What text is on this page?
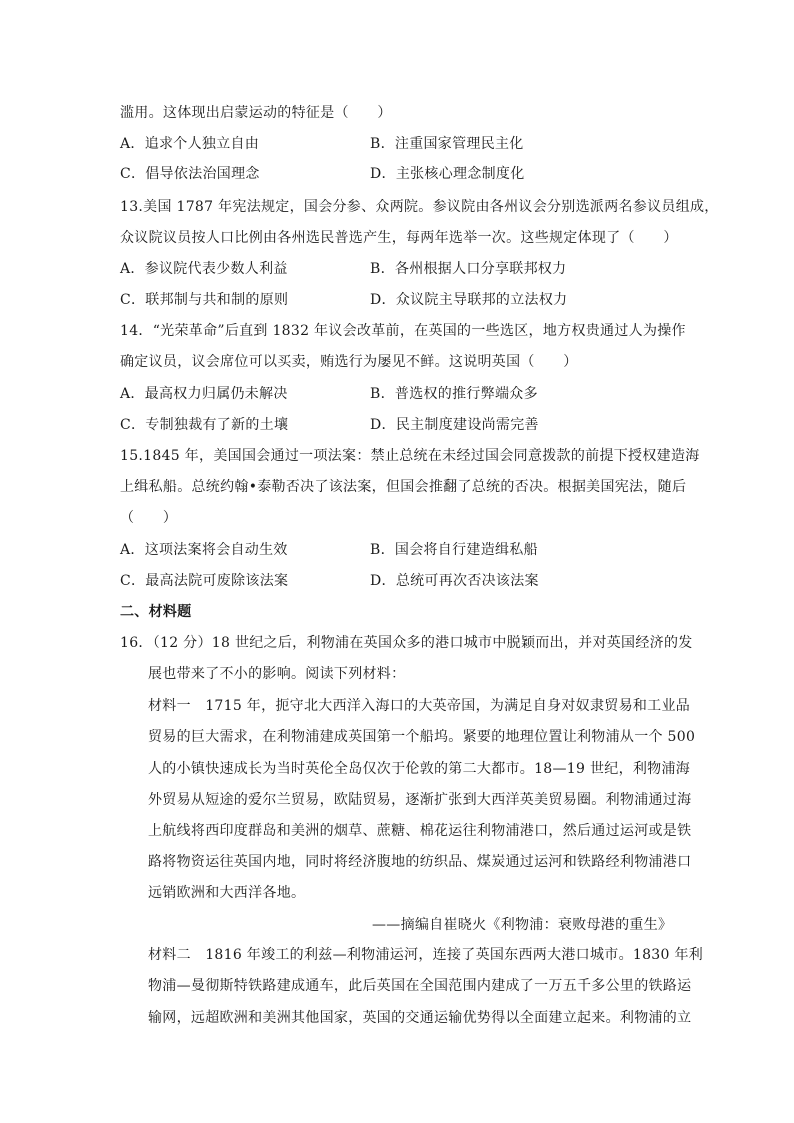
滥用。这体现出启蒙运动的特征是（　　）
A．追求个人独立自由	B．注重国家管理民主化
C．倡导依法治国理念	D．主张核心理念制度化
13.美国 1787 年宪法规定，国会分参、众两院。参议院由各州议会分别选派两名参议员组成，
众议院议员按人口比例由各州选民普选产生，每两年选举一次。这些规定体现了（　　）
A．参议院代表少数人利益	B．各州根据人口分享联邦权力
C．联邦制与共和制的原则	D．众议院主导联邦的立法权力
14．“光荣革命”后直到 1832 年议会改革前，在英国的一些选区，地方权贵通过人为操作
确定议员，议会席位可以买卖，贿选行为屡见不鲜。这说明英国（　　）
A．最高权力归属仍未解决	B．普选权的推行弊端众多
C．专制独裁有了新的土壤	D．民主制度建设尚需完善
15.1845 年，美国国会通过一项法案：禁止总统在未经过国会同意拨款的前提下授权建造海
上缉私船。总统约翰•泰勒否决了该法案，但国会推翻了总统的否决。根据美国宪法，随后
（　　）
A．这项法案将会自动生效	B．国会将自行建造缉私船
C．最高法院可废除该法案	D．总统可再次否决该法案
二、材料题
16．（12 分）18 世纪之后，利物浦在英国众多的港口城市中脱颖而出，并对英国经济的发
展也带来了不小的影响。阅读下列材料：
材料一　1715 年，扼守北大西洋入海口的大英帝国，为满足自身对奴隶贸易和工业品
贸易的巨大需求，在利物浦建成英国第一个船坞。紧要的地理位置让利物浦从一个 500
人的小镇快速成长为当时英伦全岛仅次于伦敦的第二大都市。18—19 世纪，利物浦海
外贸易从短途的爱尔兰贸易，欧陆贸易，逐渐扩张到大西洋英美贸易圈。利物浦通过海
上航线将西印度群岛和美洲的烟草、蔗糖、棉花运往利物浦港口，然后通过运河或是铁
路将物资运往英国内地，同时将经济腹地的纺织品、煤炭通过运河和铁路经利物浦港口
远销欧洲和大西洋各地。
——摘编自崔晓火《利物浦：衰败母港的重生》
材料二　1816 年竣工的利兹—利物浦运河，连接了英国东西两大港口城市。1830 年利
物浦—曼彻斯特铁路建成通车，此后英国在全国范围内建成了一万五千多公里的铁路运
输网，远超欧洲和美洲其他国家，英国的交通运输优势得以全面建立起来。利物浦的立
